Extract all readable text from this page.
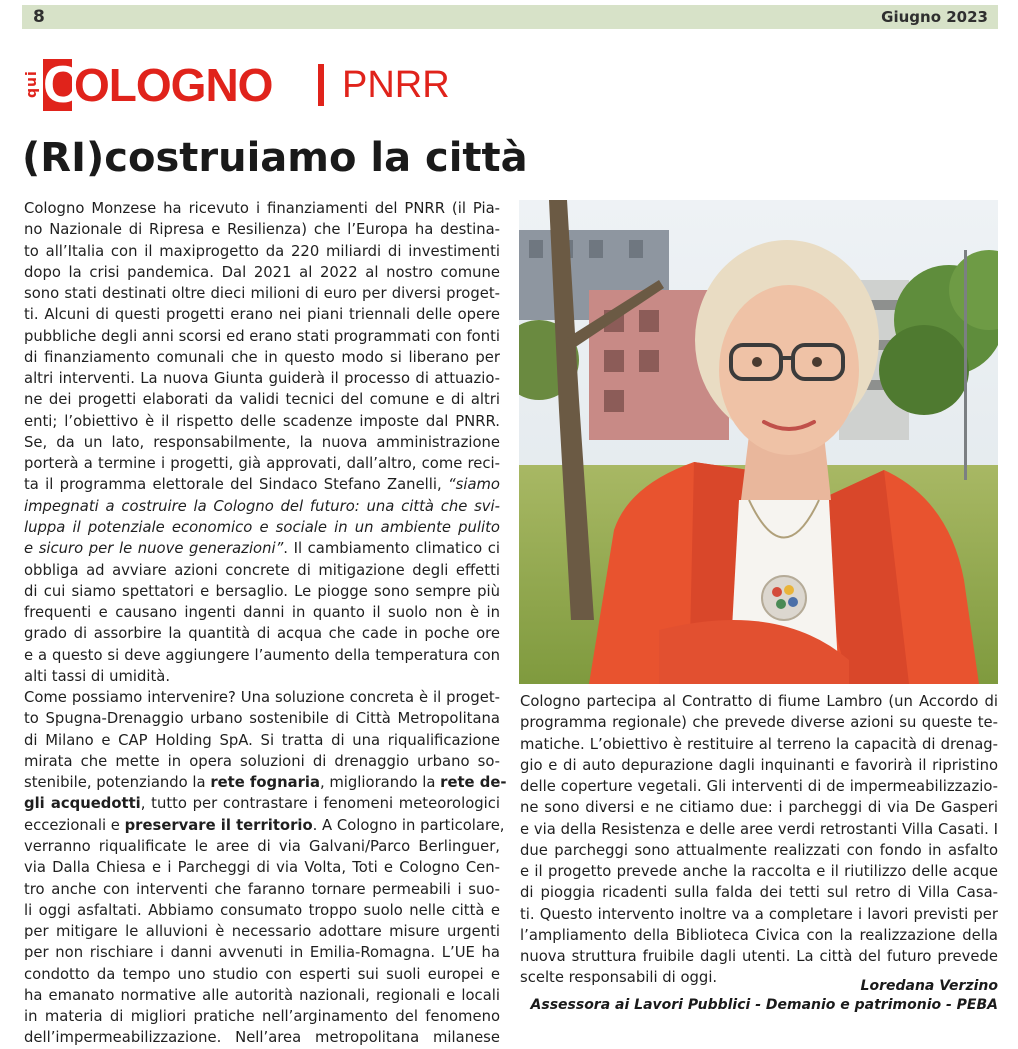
8	Giugno 2023
qui C
OLOGNO PNRR
(RI)costruiamo la città
Cologno Monzese ha ricevuto i finanziamenti del PNRR (il Pia-
no Nazionale di Ripresa e Resilienza) che l’Europa ha destina-
to all’Italia con il maxiprogetto da 220 miliardi di investimenti
dopo la crisi pandemica. Dal 2021 al 2022 al nostro comune
sono stati destinati oltre dieci milioni di euro per diversi proget-
ti. Alcuni di questi progetti erano nei piani triennali delle opere
pubbliche degli anni scorsi ed erano stati programmati con fonti
di finanziamento comunali che in questo modo si liberano per
altri interventi. La nuova Giunta guiderà il processo di attuazio-
ne dei progetti elaborati da validi tecnici del comune e di altri
enti; l’obiettivo è il rispetto delle scadenze imposte dal PNRR.
Se, da un lato, responsabilmente, la nuova amministrazione
porterà a termine i progetti, già approvati, dall’altro, come reci-
ta il programma elettorale del Sindaco Stefano Zanelli, “siamo
impegnati a costruire la Cologno del futuro: una città che svi-
luppa il potenziale economico e sociale in un ambiente pulito
e sicuro per le nuove generazioni”. Il cambiamento climatico ci
obbliga ad avviare azioni concrete di mitigazione degli effetti
di cui siamo spettatori e bersaglio. Le piogge sono sempre più
frequenti e causano ingenti danni in quanto il suolo non è in
grado di assorbire la quantità di acqua che cade in poche ore
e a questo si deve aggiungere l’aumento della temperatura con
alti tassi di umidità.
Come possiamo intervenire? Una soluzione concreta è il proget-
to Spugna-Drenaggio urbano sostenibile di Città Metropolitana
di Milano e CAP Holding SpA. Si tratta di una riqualificazione
mirata che mette in opera soluzioni di drenaggio urbano so-
stenibile, potenziando la rete fognaria, migliorando la rete de-
gli acquedotti, tutto per contrastare i fenomeni meteorologici
eccezionali e preservare il territorio. A Cologno in particolare,
verranno riqualificate le aree di via Galvani/Parco Berlinguer,
via Dalla Chiesa e i Parcheggi di via Volta, Toti e Cologno Cen-
tro anche con interventi che faranno tornare permeabili i suo-
li oggi asfaltati. Abbiamo consumato troppo suolo nelle città e
per mitigare le alluvioni è necessario adottare misure urgenti
per non rischiare i danni avvenuti in Emilia-Romagna. L’UE ha
condotto da tempo uno studio con esperti sui suoli europei e
ha emanato normative alle autorità nazionali, regionali e locali
in materia di migliori pratiche nell’arginamento del fenomeno
dell’impermeabilizzazione. Nell’area metropolitana milanese
Cologno partecipa al Contratto di fiume Lambro (un Accordo di
programma regionale) che prevede diverse azioni su queste te-
matiche. L’obiettivo è restituire al terreno la capacità di drenag-
gio e di auto depurazione dagli inquinanti e favorirà il ripristino
delle coperture vegetali. Gli interventi di de impermeabilizzazio-
ne sono diversi e ne citiamo due: i parcheggi di via De Gasperi
e via della Resistenza e delle aree verdi retrostanti Villa Casati. I
due parcheggi sono attualmente realizzati con fondo in asfalto
e il progetto prevede anche la raccolta e il riutilizzo delle acque
di pioggia ricadenti sulla falda dei tetti sul retro di Villa Casa-
ti. Questo intervento inoltre va a completare i lavori previsti per
l’ampliamento della Biblioteca Civica con la realizzazione della
nuova struttura fruibile dagli utenti. La città del futuro prevede
scelte responsabili di oggi.	Loredana Verzino
Assessora ai Lavori Pubblici - Demanio e patrimonio - PEBA
